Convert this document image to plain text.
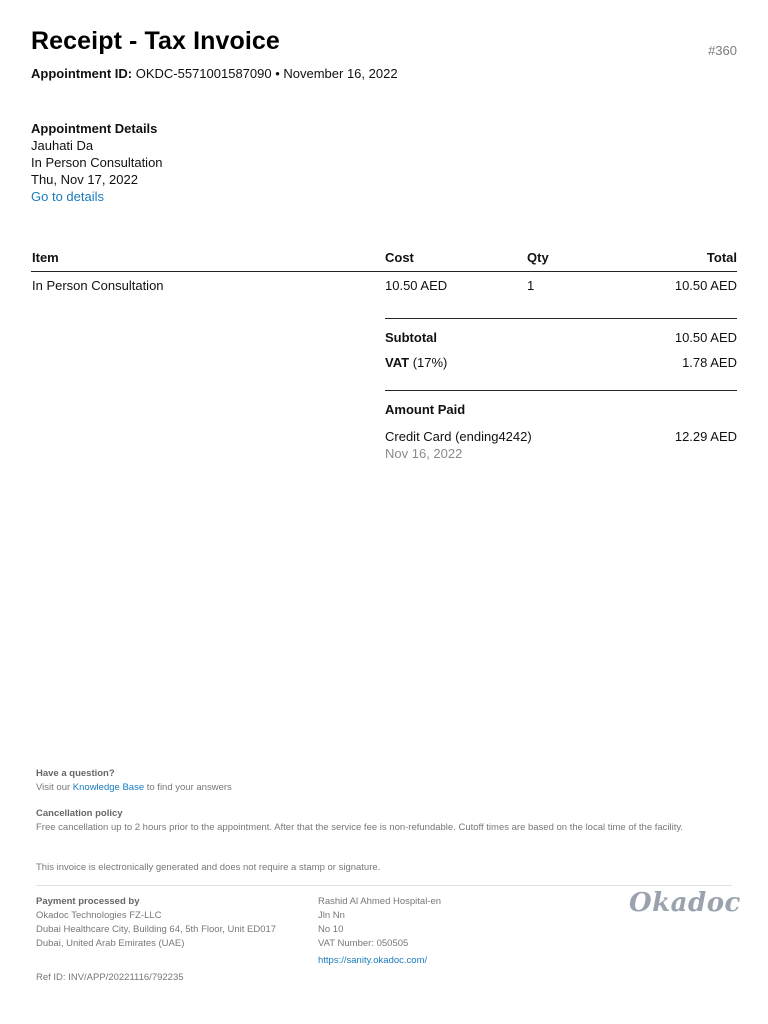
Receipt - Tax Invoice	#360
Appointment ID: OKDC-5571001587090 • November 16, 2022
Appointment Details
Jauhati Da
In Person Consultation
Thu, Nov 17, 2022
Go to details
Item	Cost	Qty	Total
In Person Consultation	10.50 AED	1	10.50 AED
Subtotal	10.50 AED
VAT (17%)	1.78 AED
Amount Paid
Credit Card (ending4242)	12.29 AED
Nov 16, 2022
Have a question?
Visit our Knowledge Base to find your answers
Cancellation policy
Free cancellation up to 2 hours prior to the appointment. After that the service fee is non-refundable. Cutoff times are based on the local time of the facility.
This invoice is electronically generated and does not require a stamp or signature.
Payment processed by
Okadoc Technologies FZ-LLC
Dubai Healthcare City, Building 64, 5th Floor, Unit ED017
Dubai, United Arab Emirates (UAE)
Rashid Al Ahmed Hospital-en
Jln Nn
No 10
VAT Number: 050505
https://sanity.okadoc.com/
Okadoc
Ref ID: INV/APP/20221116/792235
